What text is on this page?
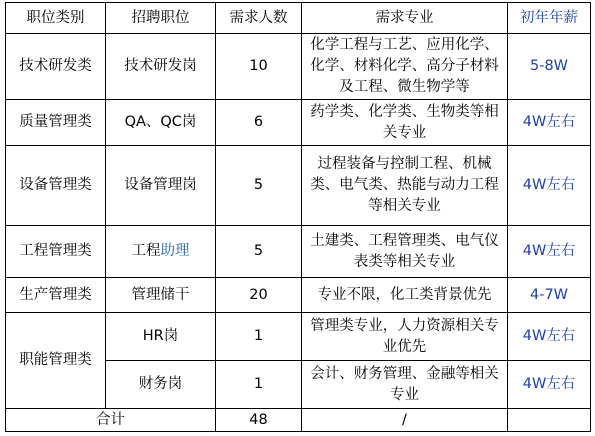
职位类别	招聘职位	需求人数	需求专业	初年年薪
技术研发类	技术研发岗	10	化学工程与工艺、应用化学、化学、材料化学、高分子材料及工程、微生物学等	5-8W
质量管理类	QA、QC岗	6	药学类、化学类、生物类等相关专业	4W左右
设备管理类	设备管理岗	5	过程装备与控制工程、机械类、电气类、热能与动力工程等相关专业	4W左右
工程管理类	工程助理	5	土建类、工程管理类、电气仪表类等相关专业	4W左右
生产管理类	管理储干	20	专业不限，化工类背景优先	4-7W
职能管理类	HR岗	1	管理类专业，人力资源相关专业优先	4W左右
	财务岗	1	会计、财务管理、金融等相关专业	4W左右
合计		48	/	
